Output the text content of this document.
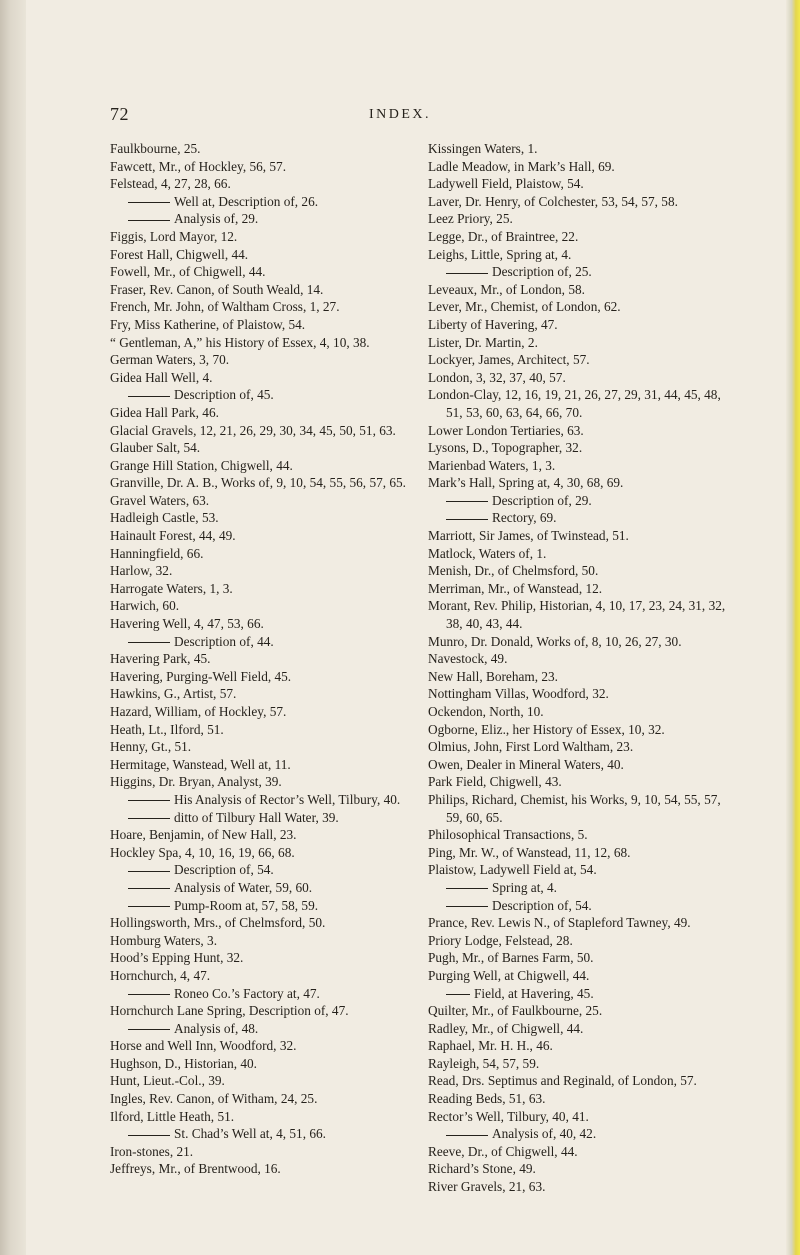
72	INDEX.

Faulkbourne, 25.

Fawcett, Mr., of Hockley, 56, 57.

Felstead, 4, 27, 28, 66.

Well at, Description of, 26.

Analysis of, 29.

Figgis, Lord Mayor, 12.

Forest Hall, Chigwell, 44.

Fowell, Mr., of Chigwell, 44.

Fraser, Rev. Canon, of South Weald, 14.

French, Mr. John, of Waltham Cross, 1, 27.

Fry, Miss Katherine, of Plaistow, 54.

“ Gentleman, A,” his History of Essex, 4, 10, 38.

German Waters, 3, 70.

Gidea Hall Well, 4.

Description of, 45.

Gidea Hall Park, 46.

Glacial Gravels, 12, 21, 26, 29, 30, 34, 45, 50, 51, 63.

Glauber Salt, 54.

Grange Hill Station, Chigwell, 44.

Granville, Dr. A. B., Works of, 9, 10, 54, 55, 56, 57, 65.

Gravel Waters, 63.

Hadleigh Castle, 53.

Hainault Forest, 44, 49.

Hanningfield, 66.

Harlow, 32.

Harrogate Waters, 1, 3.

Harwich, 60.

Havering Well, 4, 47, 53, 66.

Description of, 44.

Havering Park, 45.

Havering, Purging-Well Field, 45.

Hawkins, G., Artist, 57.

Hazard, William, of Hockley, 57.

Heath, Lt., Ilford, 51.

Henny, Gt., 51.

Hermitage, Wanstead, Well at, 11.

Higgins, Dr. Bryan, Analyst, 39.

His Analysis of Rector’s Well, Tilbury, 40.

ditto of Tilbury Hall Water, 39.

Hoare, Benjamin, of New Hall, 23.

Hockley Spa, 4, 10, 16, 19, 66, 68.

Description of, 54.

Analysis of Water, 59, 60.

Pump-Room at, 57, 58, 59.

Hollingsworth, Mrs., of Chelmsford, 50.

Homburg Waters, 3.

Hood’s Epping Hunt, 32.

Hornchurch, 4, 47.

Roneo Co.’s Factory at, 47.

Hornchurch Lane Spring, Description of, 47.

Analysis of, 48.

Horse and Well Inn, Woodford, 32.

Hughson, D., Historian, 40.

Hunt, Lieut.-Col., 39.

Ingles, Rev. Canon, of Witham, 24, 25.

Ilford, Little Heath, 51.

St. Chad’s Well at, 4, 51, 66.

Iron-stones, 21.

Jeffreys, Mr., of Brentwood, 16.

Kissingen Waters, 1.

Ladle Meadow, in Mark’s Hall, 69.

Ladywell Field, Plaistow, 54.

Laver, Dr. Henry, of Colchester, 53, 54, 57, 58.

Leez Priory, 25.

Legge, Dr., of Braintree, 22.

Leighs, Little, Spring at, 4.

Description of, 25.

Leveaux, Mr., of London, 58.

Lever, Mr., Chemist, of London, 62.

Liberty of Havering, 47.

Lister, Dr. Martin, 2.

Lockyer, James, Architect, 57.

London, 3, 32, 37, 40, 57.

London-Clay, 12, 16, 19, 21, 26, 27, 29, 31, 44, 45, 48, 51, 53, 60, 63, 64, 66, 70.

Lower London Tertiaries, 63.

Lysons, D., Topographer, 32.

Marienbad Waters, 1, 3.

Mark’s Hall, Spring at, 4, 30, 68, 69.

Description of, 29.

Rectory, 69.

Marriott, Sir James, of Twinstead, 51.

Matlock, Waters of, 1.

Menish, Dr., of Chelmsford, 50.

Merriman, Mr., of Wanstead, 12.

Morant, Rev. Philip, Historian, 4, 10, 17, 23, 24, 31, 32, 38, 40, 43, 44.

Munro, Dr. Donald, Works of, 8, 10, 26, 27, 30.

Navestock, 49.

New Hall, Boreham, 23.

Nottingham Villas, Woodford, 32.

Ockendon, North, 10.

Ogborne, Eliz., her History of Essex, 10, 32.

Olmius, John, First Lord Waltham, 23.

Owen, Dealer in Mineral Waters, 40.

Park Field, Chigwell, 43.

Philips, Richard, Chemist, his Works, 9, 10, 54, 55, 57, 59, 60, 65.

Philosophical Transactions, 5.

Ping, Mr. W., of Wanstead, 11, 12, 68.

Plaistow, Ladywell Field at, 54.

Spring at, 4.

Description of, 54.

Prance, Rev. Lewis N., of Stapleford Tawney, 49.

Priory Lodge, Felstead, 28.

Pugh, Mr., of Barnes Farm, 50.

Purging Well, at Chigwell, 44.

Field, at Havering, 45.

Quilter, Mr., of Faulkbourne, 25.

Radley, Mr., of Chigwell, 44.

Raphael, Mr. H. H., 46.

Rayleigh, 54, 57, 59.

Read, Drs. Septimus and Reginald, of London, 57.

Reading Beds, 51, 63.

Rector’s Well, Tilbury, 40, 41.

Analysis of, 40, 42.

Reeve, Dr., of Chigwell, 44.

Richard’s Stone, 49.

River Gravels, 21, 63.
